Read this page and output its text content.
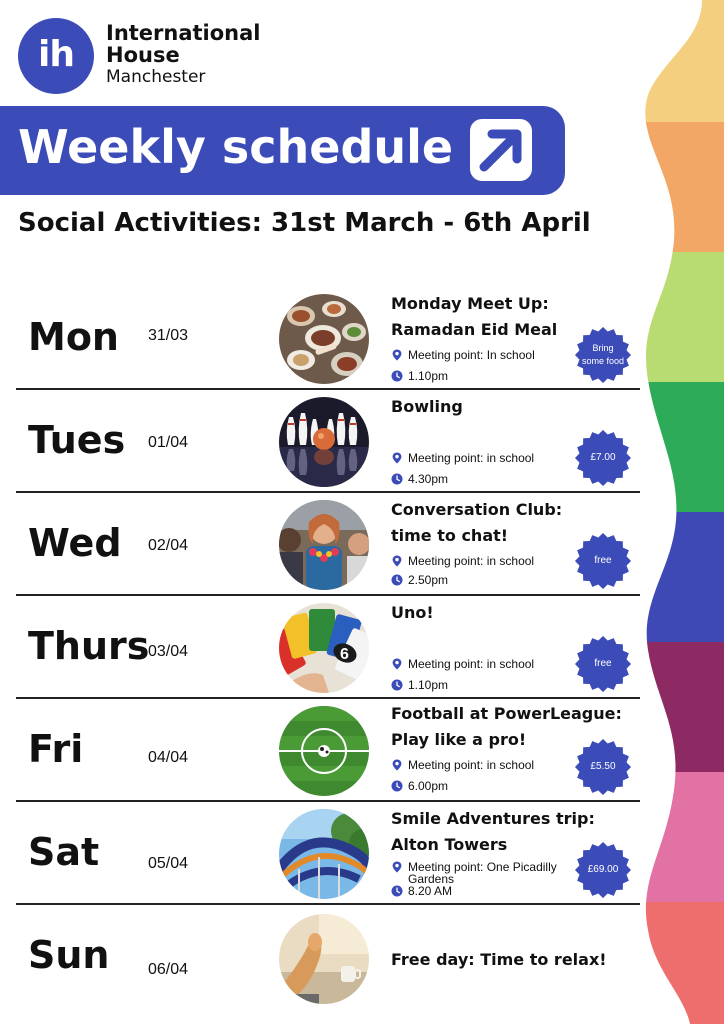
ih
International
House
Manchester
Weekly schedule
Social Activities: 31st March - 6th April
Mon 31/03
Monday Meet Up:
Ramadan Eid Meal
Meeting point: In school
1.10pm
Bring some food
Tues 01/04
Bowling
Meeting point: in school
4.30pm
£7.00
Wed 02/04
Conversation Club:
time to chat!
Meeting point: in school
2.50pm
free
Thurs
03/04	6
Uno!
Meeting point: in school
1.10pm
free
Fri	04/04
Football at PowerLeague:
Play like a pro!
Meeting point: in school
6.00pm
£5.50
Sat	05/04
Smile Adventures trip:
Alton Towers
Meeting point: One Picadilly Gardens
8.20 AM
£69.00
Sun 06/04
Free day: Time to relax!
